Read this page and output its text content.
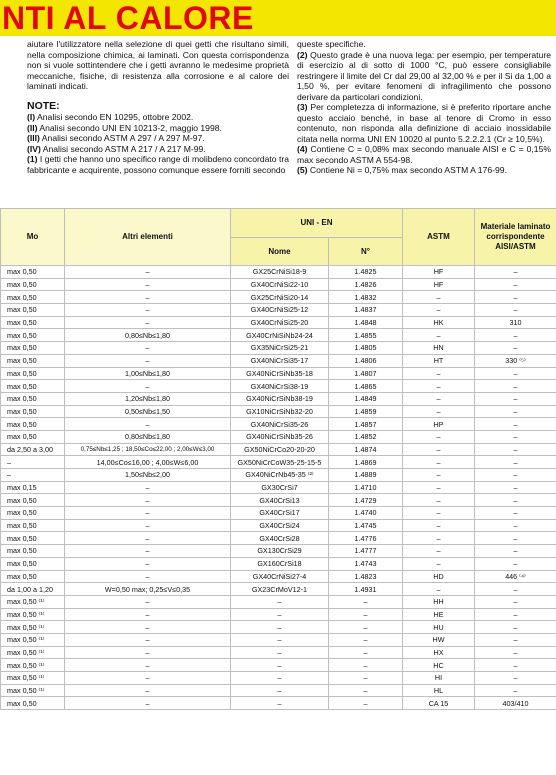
NTI AL CALORE

aiutare l'utilizzatore nella selezione di quei getti che risultano simili, nella composizione chimica, ai laminati. Con questa corrispondenza non si vuole sottintendere che i getti avranno le medesime proprietà meccaniche, fisiche, di resistenza alla corrosione e al calore dei laminati indicati.

NOTE:

(I) Analisi secondo EN 10295, ottobre 2002.

(II) Analisi secondo UNI EN 10213-2, maggio 1998.

(III) Analisi secondo ASTM A 297 / A 297 M-97.

(IV) Analisi secondo ASTM A 217 / A 217 M-99.

(1) I getti che hanno uno specifico range di molibdeno concordato tra fabbricante e acquirente, possono comunque essere forniti secondo

queste specifiche.

(2) Questo grade è una nuova lega: per esempio, per temperature di esercizio al di sotto di 1000 °C, può essere consigliabile restringere il limite del Cr dal 29,00 al 32,00 % e per il Si da 1,00 a 1,50 %, per evitare fenomeni di infragilimento che possono derivare da particolari condizioni.

(3) Per completezza di informazione, si è preferito riportare anche questo acciaio benché, in base al tenore di Cromo in esso contenuto, non risponda alla definizione di acciaio inossidabile citata nella norma UNI EN 10020 al punto 5.2.2.2.1 (Cr ≥ 10,5%).

(4) Contiene C = 0,08% max secondo manuale AISI e C = 0,15% max secondo ASTM A 554-98.

(5) Contiene Ni = 0,75% max secondo ASTM A 176-99.

Mo	Altri elementi	UNI - EN		ASTM	Materiale laminato corrispondente AISI/ASTM
		Nome	N°		
max 0,50	–	GX25CrNiSi18-9	1.4825	HF	–
max 0,50	–	GX40CrNiSi22-10	1.4826	HF	–
max 0,50	–	GX25CrNiSi20-14	1.4832	–	–
max 0,50	–	GX40CrNiSi25-12	1.4837	–	–
max 0,50	–	GX40CrNiSi25-20	1.4848	HK	310
max 0,50	0,80≤Nb≤1,80	GX40CrNiSiNb24-24	1.4855	–	–
max 0,50	–	GX35NiCrSi25-21	1.4805	HN	–
max 0,50	–	GX40NiCrSi35-17	1.4806	HT	330 ⁽⁵⁾
max 0,50	1,00≤Nb≤1,80	GX40NiCrSiNb35-18	1.4807	–	–
max 0,50	–	GX40NiCrSi38-19	1.4865	–	–
max 0,50	1,20≤Nb≤1,80	GX40NiCrSiNb38-19	1.4849	–	–
max 0,50	0,50≤Nb≤1,50	GX10NiCrSiNb32-20	1.4859	–	–
max 0,50	–	GX40NiCrSi35-26	1.4857	HP	–
max 0,50	0,80≤Nb≤1,80	GX40NiCrSiNb35-26	1.4852	–	–
da 2,50 a 3,00	0,75≤Nb≤1,25 ; 18,50≤Co≤22,00 ; 2,00≤W≤3,00	GX50NiCrCo20-20-20	1.4874	–	–
–	14,00≤Co≤16,00 ; 4,00≤W≤6,00	GX50NiCrCoW35-25-15-5	1.4869	–	–
–	1,50≤Nb≤2,00	GX40NiCrNb45-35 ⁽²⁾	1.4889	–	–
max 0,15	–	GX30CrSi7	1.4710	–	–
max 0,50	–	GX40CrSi13	1.4729	–	–
max 0,50	–	GX40CrSi17	1.4740	–	–
max 0,50	–	GX40CrSi24	1.4745	–	–
max 0,50	–	GX40CrSi28	1.4776	–	–
max 0,50	–	GX130CrSi29	1.4777	–	–
max 0,50	–	GX160CrSi18	1.4743	–	–
max 0,50	–	GX40CrNiSi27-4	1.4823	HD	446 ⁽⁴⁾
da 1,00 a 1,20	W=0,50 max; 0,25≤V≤0,35	GX23CrMoV12-1	1.4931	–	–
max 0,50 ⁽¹⁾	–	–	–	HH	–
max 0,50 ⁽¹⁾	–	–	–	HE	–
max 0,50 ⁽¹⁾	–	–	–	HU	–
max 0,50 ⁽¹⁾	–	–	–	HW	–
max 0,50 ⁽¹⁾	–	–	–	HX	–
max 0,50 ⁽¹⁾	–	–	–	HC	–
max 0,50 ⁽¹⁾	–	–	–	HI	–
max 0,50 ⁽¹⁾	–	–	–	HL	–
max 0,50	–	–	–	CA 15	403/410
